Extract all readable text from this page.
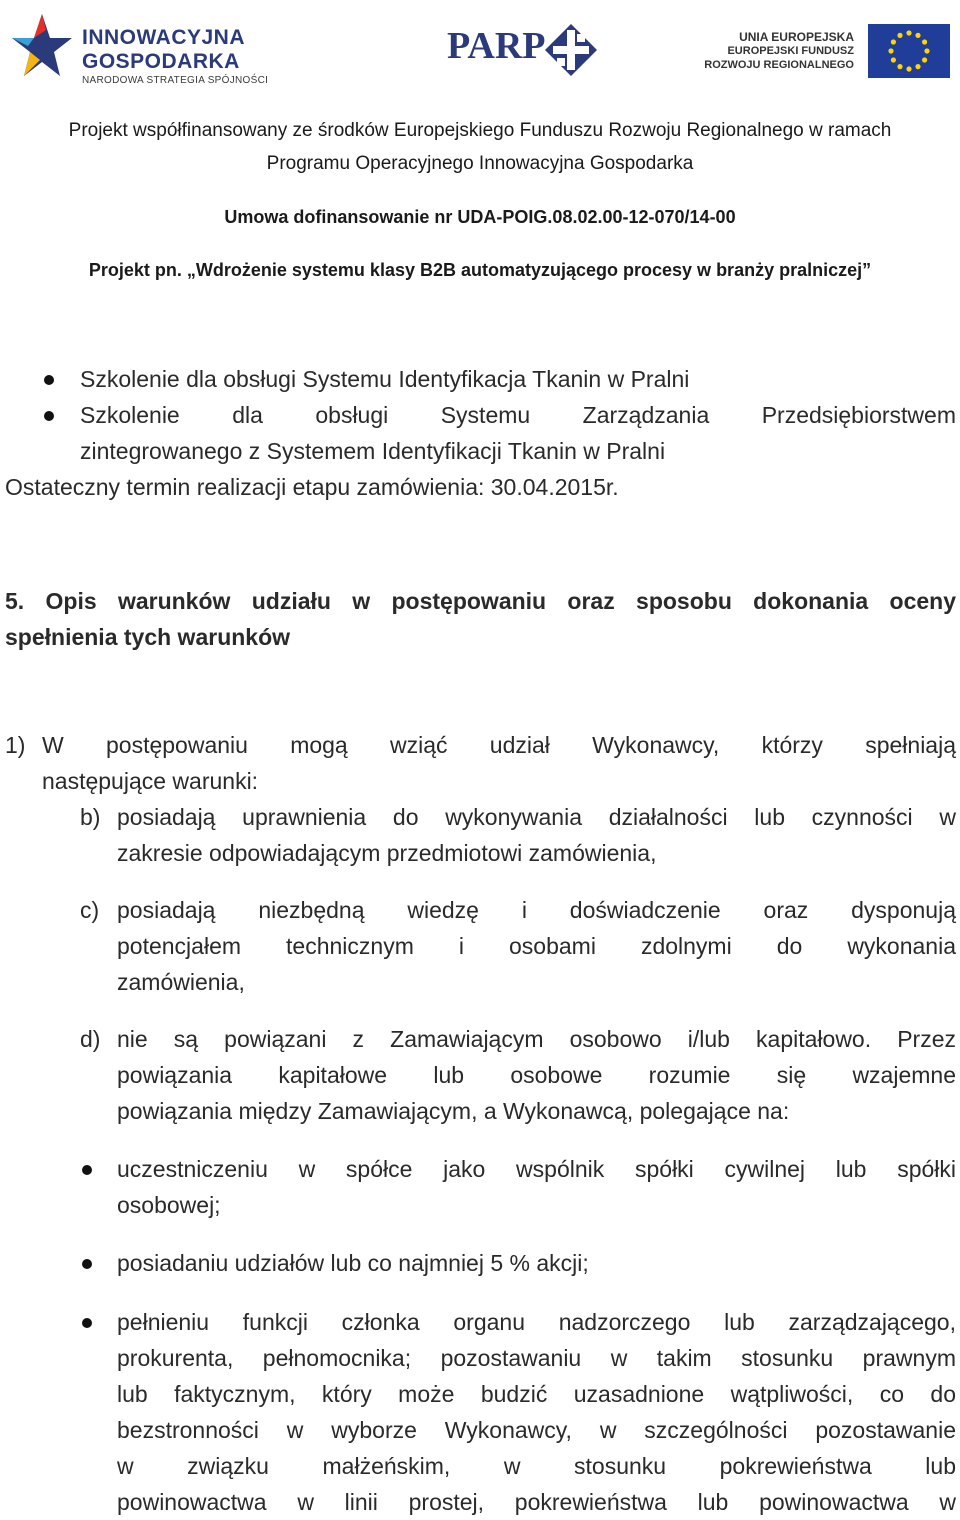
INNOWACYJNA
GOSPODARKA
NARODOWA STRATEGIA SPÓJNOŚCI
PARP	UNIA EUROPEJSKA
EUROPEJSKI FUNDUSZ
ROZWOJU REGIONALNEGO
Projekt współfinansowany ze środków Europejskiego Funduszu Rozwoju Regionalnego w ramach
Programu Operacyjnego Innowacyjna Gospodarka
Umowa dofinansowanie nr UDA-POIG.08.02.00-12-070/14-00
Projekt pn. „Wdrożenie systemu klasy B2B automatyzującego procesy w branży pralniczej”
Szkolenie dla obsługi Systemu Identyfikacja Tkanin w Pralni
Szkolenie dla obsługi Systemu Zarządzania Przedsiębiorstwem
zintegrowanego z Systemem Identyfikacji Tkanin w Pralni
Ostateczny termin realizacji etapu zamówienia: 30.04.2015r.
5. Opis warunków udziału w postępowaniu oraz sposobu dokonania oceny
spełnienia tych warunków
1) W postępowaniu mogą wziąć udział Wykonawcy, którzy spełniają
następujące warunki:
b) posiadają uprawnienia do wykonywania działalności lub czynności w
zakresie odpowiadającym przedmiotowi zamówienia,
c) posiadają niezbędną wiedzę i doświadczenie oraz dysponują
potencjałem technicznym i osobami zdolnymi do wykonania
zamówienia,
d) nie są powiązani z Zamawiającym osobowo i/lub kapitałowo. Przez
powiązania kapitałowe lub osobowe rozumie się wzajemne
powiązania między Zamawiającym, a Wykonawcą, polegające na:
uczestniczeniu w spółce jako wspólnik spółki cywilnej lub spółki
osobowej;
posiadaniu udziałów lub co najmniej 5 % akcji;
pełnieniu funkcji członka organu nadzorczego lub zarządzającego,
prokurenta, pełnomocnika; pozostawaniu w takim stosunku prawnym
lub faktycznym, który może budzić uzasadnione wątpliwości, co do
bezstronności w wyborze Wykonawcy, w szczególności pozostawanie
w związku małżeńskim, w stosunku pokrewieństwa lub
powinowactwa w linii prostej, pokrewieństwa lub powinowactwa w
